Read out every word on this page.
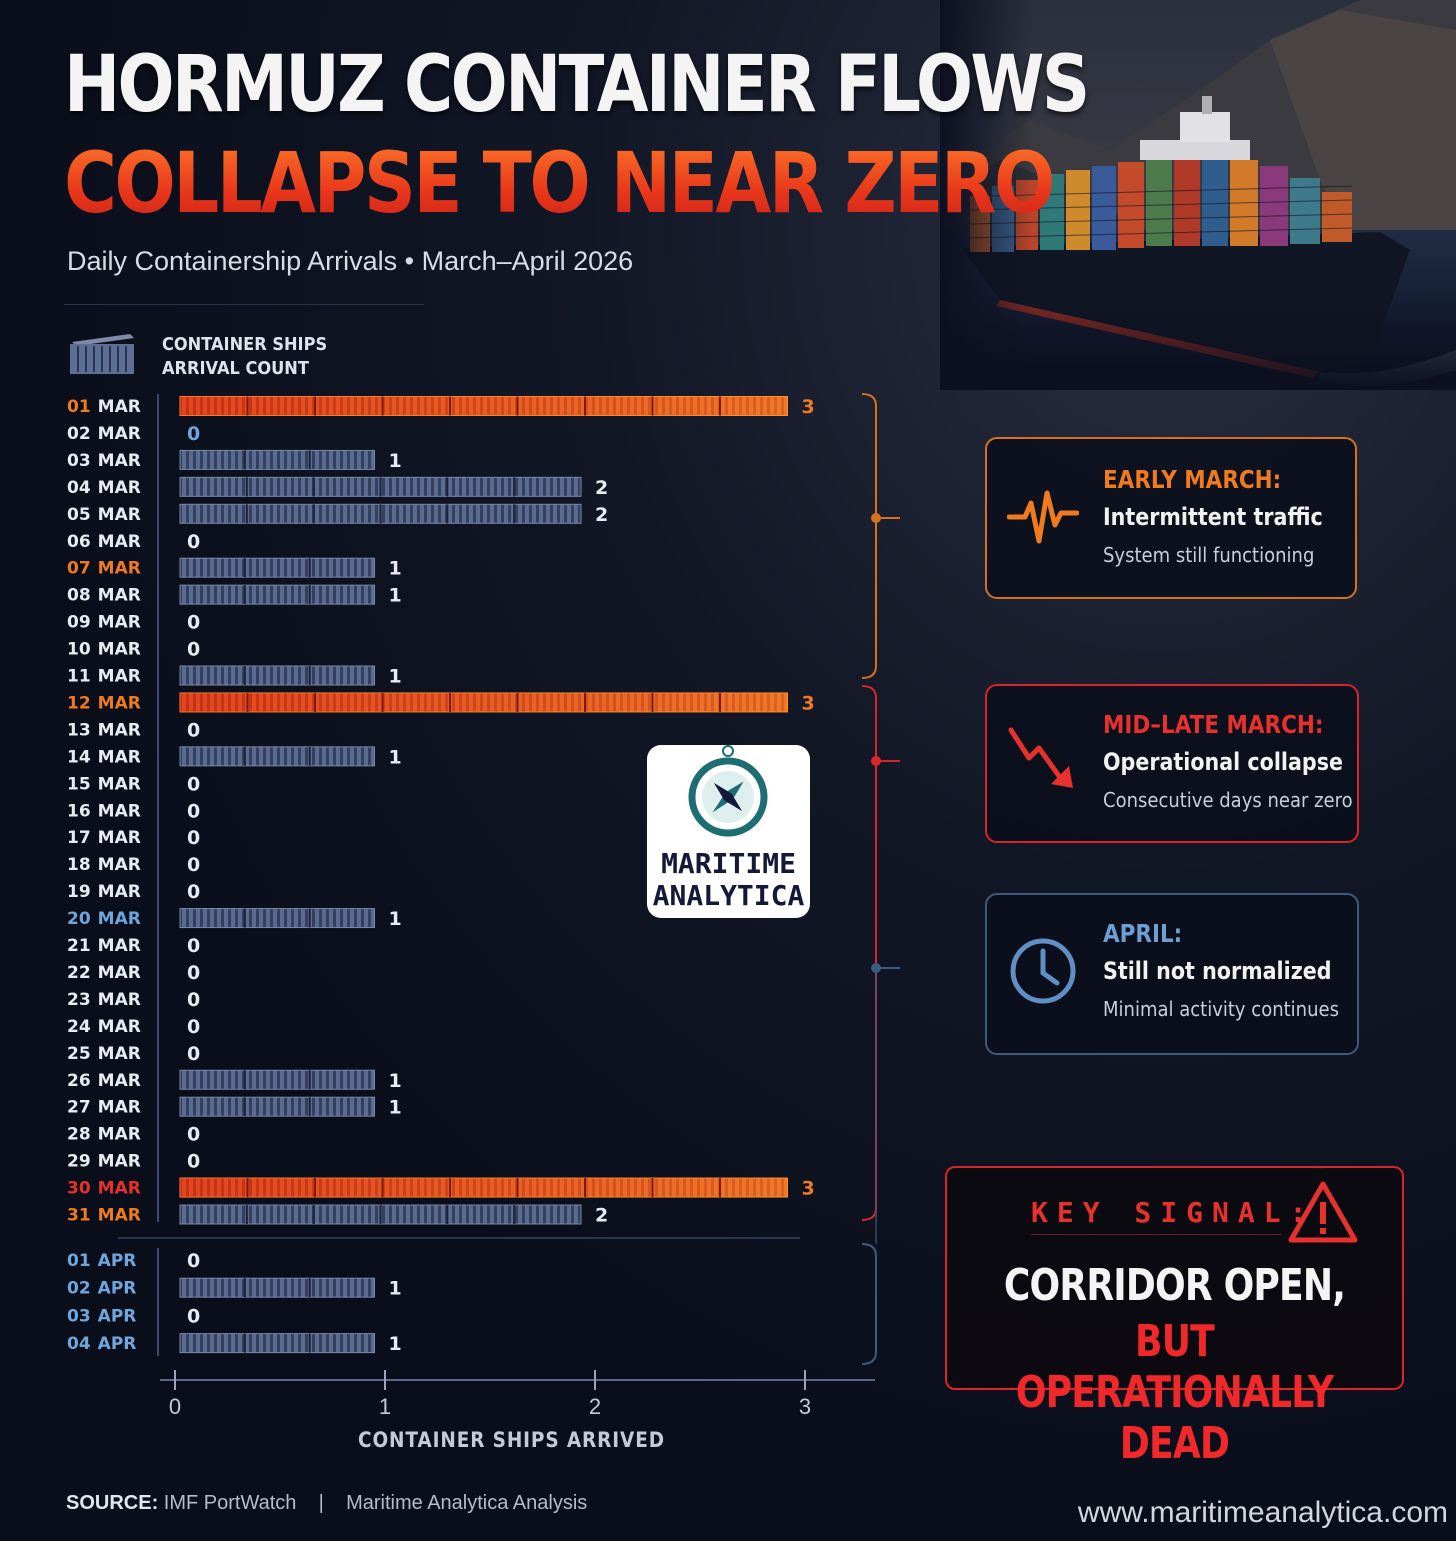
HORMUZ CONTAINER FLOWS
COLLAPSE TO NEAR ZERO
Daily Containership Arrivals • March–April 2026
CONTAINER SHIPS
ARRIVAL COUNT
01 MAR	3
02 MAR 0
03 MAR	1
04 MAR	2
05 MAR	2
06 MAR 0
07 MAR	1
08 MAR	1
09 MAR 0
10 MAR 0
11 MAR	1
12 MAR	3
13 MAR 0
14 MAR	1
15 MAR 0
16 MAR 0
17 MAR 0
18 MAR 0
19 MAR 0
20 MAR	1
21 MAR 0
22 MAR 0
23 MAR 0
24 MAR 0
25 MAR 0
26 MAR	1
27 MAR	1
28 MAR 0
29 MAR 0
30 MAR	3
31 MAR	2
01 APR	0
02 APR	1
03 APR	0
04 APR	1
0	1	2	3
MARITIME
ANALYTICA
EARLY MARCH:
Intermittent traffic
System still functioning
MID–LATE MARCH:
Operational collapse
Consecutive days near zero
APRIL:
Still not normalized
Minimal activity continues
KEY SIGNAL:
CORRIDOR OPEN,
BUT OPERATIONALLY DEAD
CONTAINER SHIPS ARRIVED
SOURCE: IMF PortWatch | Maritime Analytica Analysis	www.maritimeanalytica.com
